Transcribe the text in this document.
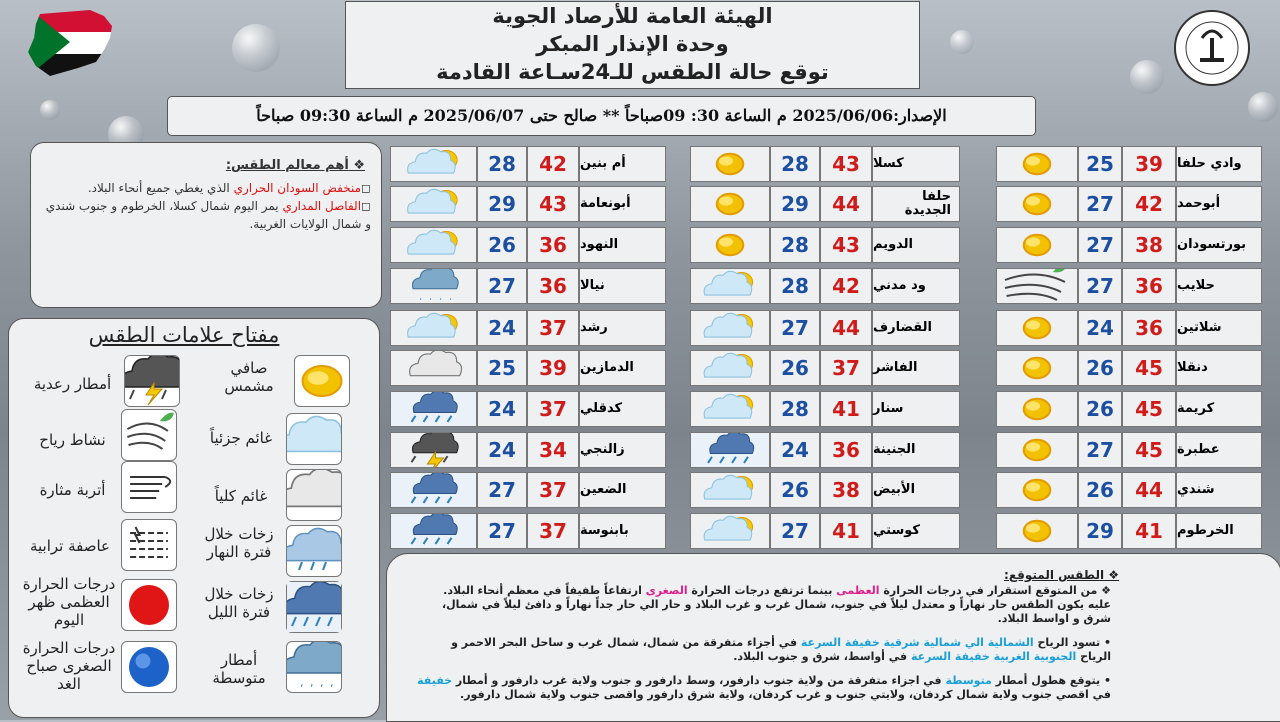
الهيئة العامة للأرصاد الجوية
وحدة الإنذار المبكر
توقع حالة الطقس للـ24سـاعة القادمة
الإصدار:2025/06/06 م الساعة 30: 09صباحاً ** صالح حتى 2025/06/07 م الساعة 09:30 صباحاً
❖ أهم معالم الطقس:

◻منخفض السودان الحراري الذي يغطي جميع أنحاء البلاد.

◻الفاصل المداري يمر اليوم شمال كسلا، الخرطوم و جنوب شندي و شمال الولايات الغربية.

مفتاح علامات الطقس
صافي مشمس
أمطار رعدية
غائم جزئياً
نشاط رياح
غائم كلياً
أتربة مثارة
زخات خلال فترة النهار
عاصفة ترابية
زخات خلال فترة الليل
درجات الحرارة العظمى ظهر اليوم
, , , ,
أمطار متوسطة
درجات الحرارة الصغرى صباح الغد
28	42	أم بنين
29	43	أبونعامة
26	36	النهود
, , , ,	27	36	نيالا
24	37	رشد
25	39	الدمازين
24	37	كدقلي
24	34	زالنجي
27	37	الضعين
27	37	بابنوسة
28	43	كسلا
29	44	حلفا الجديدة
28	43	الدويم
28	42	ود مدني
27	44	القضارف
26	37	الفاشر
28	41	سنار
24	36	الجنينة
26	38	الأبيض
27	41	كوستي
25	39	وادي حلفا
27	42	أبوحمد
27	38	بورتسودان
27	36	حلايب
24	36	شلاتين
26	45	دنقلا
26	45	كريمة
27	45	عطبرة
26	44	شندي
29	41	الخرطوم
❖ الطقس المتوقع:

❖ من المتوقع استقرار في درجات الحرارة العظمى بينما ترتفع درجات الحرارة الصغرى ارتفاعاً طفيفاً في معظم أنحاء البلاد. عليه يكون الطقس حار نهاراً و معتدل ليلاً في جنوب، شمال غرب و غرب البلاد و حار الي حار جداً نهاراً و دافئ ليلاً في شمال، شرق و اواسط البلاد.

• تسود الرياح الشمالية الي شمالية شرقية خفيفة السرعة في أجزاء متفرقة من شمال، شمال غرب و ساحل البحر الاحمر و الرياح الجنوبية الغربية خفيفة السرعة في أواسط، شرق و جنوب البلاد.

• يتوقع هطول أمطار متوسطة في اجزاء متفرقة من ولاية جنوب دارفور، وسط دارفور و جنوب ولاية غرب دارفور و أمطار خفيفة في اقصي جنوب ولاية شمال كردفان، ولايتي جنوب و غرب كردفان، ولاية شرق دارفور واقصى جنوب ولاية شمال دارفور.
